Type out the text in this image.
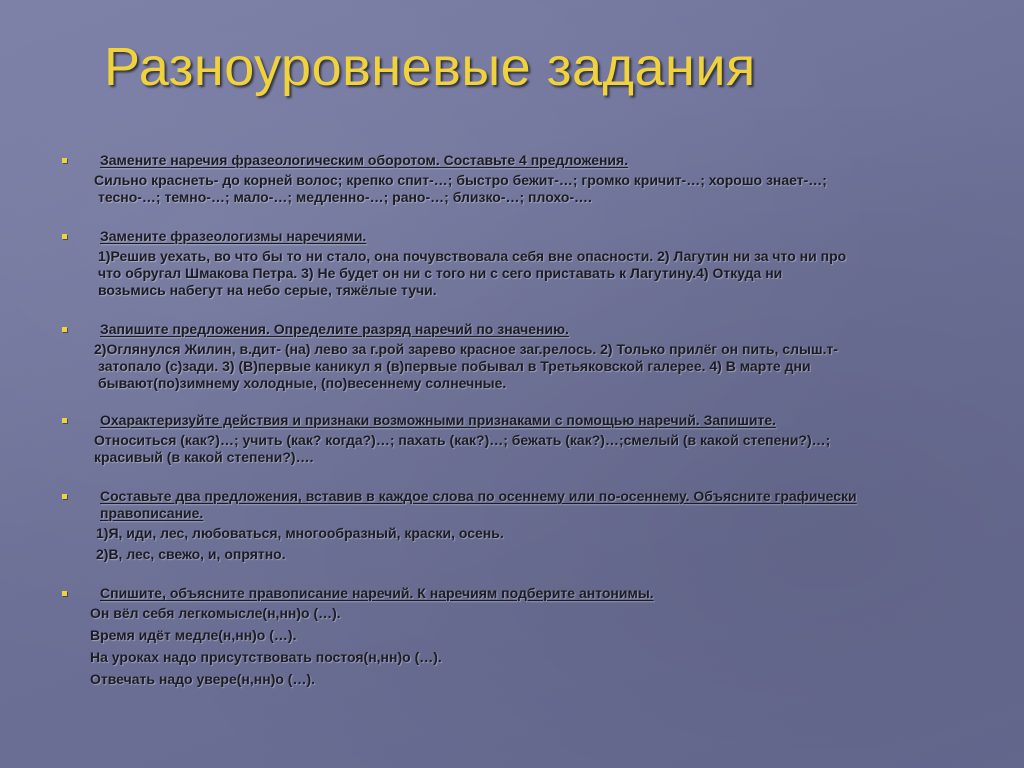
Разноуровневые задания
Замените наречия фразеологическим оборотом. Составьте 4 предложения.
Сильно краснеть- до корней волос; крепко спит-…; быстро бежит-…; громко кричит-…; хорошо знает-…;
тесно-…; темно-…; мало-…; медленно-…; рано-…; близко-…; плохо-….
Замените фразеологизмы наречиями.
1)Решив уехать, во что бы то ни стало, она почувствовала себя вне опасности. 2) Лагутин ни за что ни про
что обругал Шмакова Петра. 3) Не будет он ни с того ни с сего приставать к Лагутину.4) Откуда ни
возьмись набегут на небо серые, тяжёлые тучи.
Запишите предложения. Определите разряд наречий по значению.
2)Оглянулся Жилин, в.дит- (на) лево за г.рой зарево красное заг.релось. 2) Только прилёг он пить, слыш.т-
затопало (с)зади. 3) (В)первые каникул я (в)первые побывал в Третьяковской галерее. 4) В марте дни
бывают(по)зимнему холодные, (по)весеннему солнечные.
Охарактеризуйте действия и признаки возможными признаками с помощью наречий. Запишите.
Относиться (как?)…; учить (как? когда?)…; пахать (как?)…; бежать (как?)…;смелый (в какой степени?)…;
красивый (в какой степени?)….
Составьте два предложения, вставив в каждое слова по осеннему или по-осеннему. Объясните графически правописание.
1)Я, иди, лес, любоваться, многообразный, краски, осень.
2)В, лес, свежо, и, опрятно.
Спишите, объясните правописание наречий. К наречиям подберите антонимы.
Он вёл себя легкомысле(н,нн)о (…).
Время идёт медле(н,нн)о (…).
На уроках надо присутствовать постоя(н,нн)о (…).
Отвечать надо увере(н,нн)о (…).
